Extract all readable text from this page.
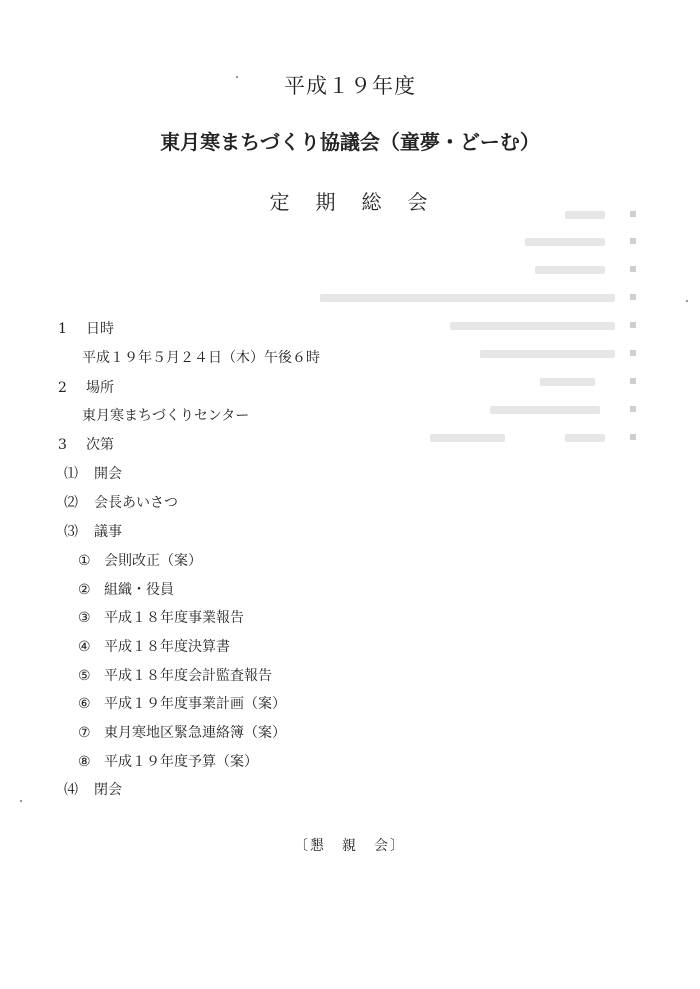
平成１９年度
東月寒まちづくり協議会（童夢・どーむ）
定　期　総　会
1 日時
平成１９年５月２４日（木）午後６時
2 場所
東月寒まちづくりセンター
3 次第
⑴ 開会
⑵ 会長あいさつ
⑶ 議事
① 会則改正（案）
② 組織・役員
③ 平成１８年度事業報告
④ 平成１８年度決算書
⑤ 平成１８年度会計監査報告
⑥ 平成１９年度事業計画（案）
⑦ 東月寒地区緊急連絡簿（案）
⑧ 平成１９年度予算（案）
⑷ 閉会
〔懇　親　会〕
